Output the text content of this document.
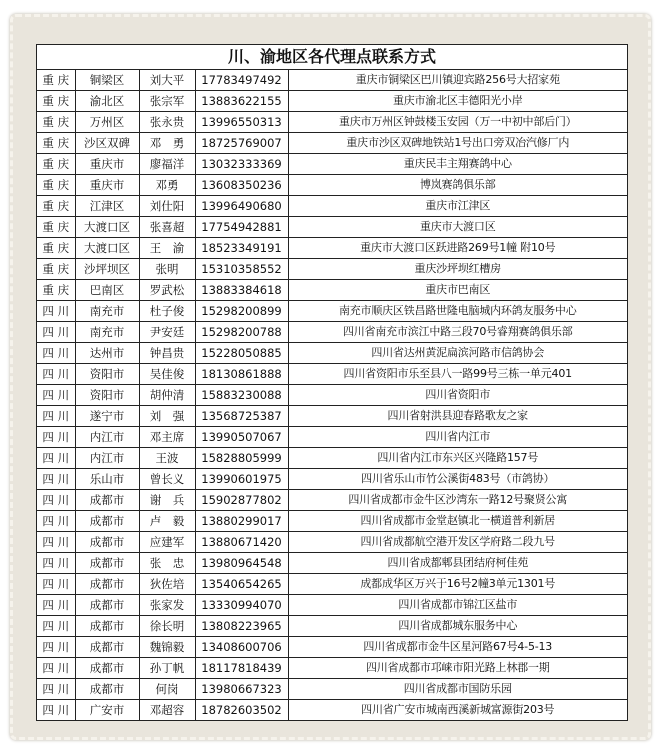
川、渝地区各代理点联系方式
重 庆	铜梁区	刘大平	17783497492	重庆市铜梁区巴川镇迎宾路256号大招家苑
重 庆	渝北区	张宗军	13883622155	重庆市渝北区丰德阳光小岸
重 庆	万州区	张永贵	13996550313	重庆市万州区钟鼓楼玉安园（万一中初中部后门）
重 庆	沙区双碑	邓　勇	18725769007	重庆市沙区双碑地铁站1号出口旁双冶汽修厂内
重 庆	重庆市	廖福洋	13032333369	重庆民丰主翔赛鸽中心
重 庆	重庆市	邓勇	13608350236	博岚赛鸽俱乐部
重 庆	江津区	刘仕阳	13996490680	重庆市江津区
重 庆	大渡口区	张喜超	17754942881	重庆市大渡口区
重 庆	大渡口区	王　渝	18523349191	重庆市大渡口区跃进路269号1幢 附10号
重 庆	沙坪坝区	张明	15310358552	重庆沙坪坝红槽房
重 庆	巴南区	罗武松	13883384618	重庆市巴南区
四 川	南充市	杜子俊	15298200899	南充市顺庆区铁昌路世隆电脑城内环鸽友服务中心
四 川	南充市	尹安廷	15298200788	四川省南充市滨江中路三段70号睿翔赛鸽俱乐部
四 川	达州市	钟昌贵	15228050885	四川省达州黄泥扁滨河路市信鸽协会
四 川	资阳市	吴佳俊	18130861888	四川省资阳市乐至县八一路99号三栋一单元401
四 川	资阳市	胡仲清	15883230088	四川省资阳市
四 川	遂宁市	刘　强	13568725387	四川省射洪县迎春路歌友之家
四 川	内江市	邓主席	13990507067	四川省内江市
四 川	内江市	王波	15828805999	四川省内江市东兴区兴隆路157号
四 川	乐山市	曾长义	13990601975	四川省乐山市竹公溪街483号（市鸽协）
四 川	成都市	谢　兵	15902877802	四川省成都市金牛区沙湾东一路12号聚贤公寓
四 川	成都市	卢　毅	13880299017	四川省成都市金堂赵镇北一横道普利新居
四 川	成都市	应建军	13880671420	四川省成都航空港开发区学府路二段九号
四 川	成都市	张　忠	13980964548	四川省成都郫县团结府柯佳苑
四 川	成都市	狄佐培	13540654265	成都成华区万兴于16号2幢3单元1301号
四 川	成都市	张家发	13330994070	四川省成都市锦江区盐市
四 川	成都市	徐长明	13808223965	四川省成都城东服务中心
四 川	成都市	魏锦毅	13408600706	四川省成都市金牛区星河路67号4-5-13
四 川	成都市	孙丁帆	18117818439	四川省成都市邛崃市阳光路上林郡一期
四 川	成都市	何岗	13980667323	四川省成都市国防乐园
四 川	广安市	邓超容	18782603502	四川省广安市城南西溪新城富源街203号
